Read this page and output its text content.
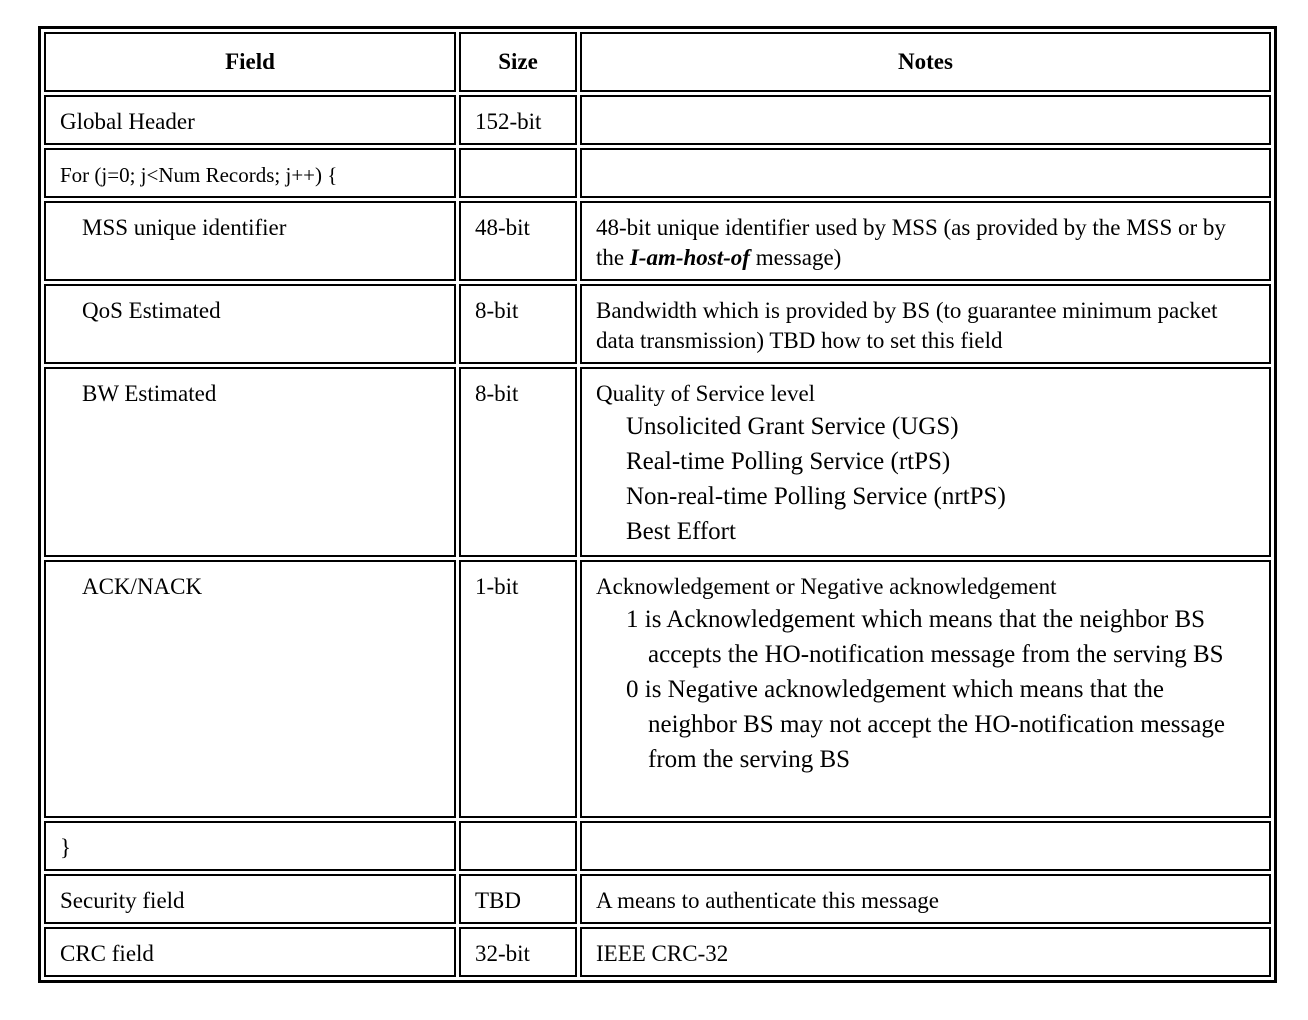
Field	Size	Notes
Global Header	152-bit	
For (j=0; j<Num Records; j++) {		
MSS unique identifier	48-bit	48-bit unique identifier used by MSS (as provided by the MSS or by the I-am-host-of message)
QoS Estimated	8-bit	Bandwidth which is provided by BS (to guarantee minimum packet data transmission) TBD how to set this field
BW Estimated	8-bit	Quality of Service level
Unsolicited Grant Service (UGS)
Real-time Polling Service (rtPS)
Non-real-time Polling Service (nrtPS)
Best Effort

ACK/NACK	1-bit	Acknowledgement or Negative acknowledgement
1 is Acknowledgement which means that the neighbor BS accepts the HO-notification message from the serving BS
0 is Negative acknowledgement which means that the neighbor BS may not accept the HO-notification message from the serving BS

}		
Security field	TBD	A means to authenticate this message
CRC field	32-bit	IEEE CRC-32
